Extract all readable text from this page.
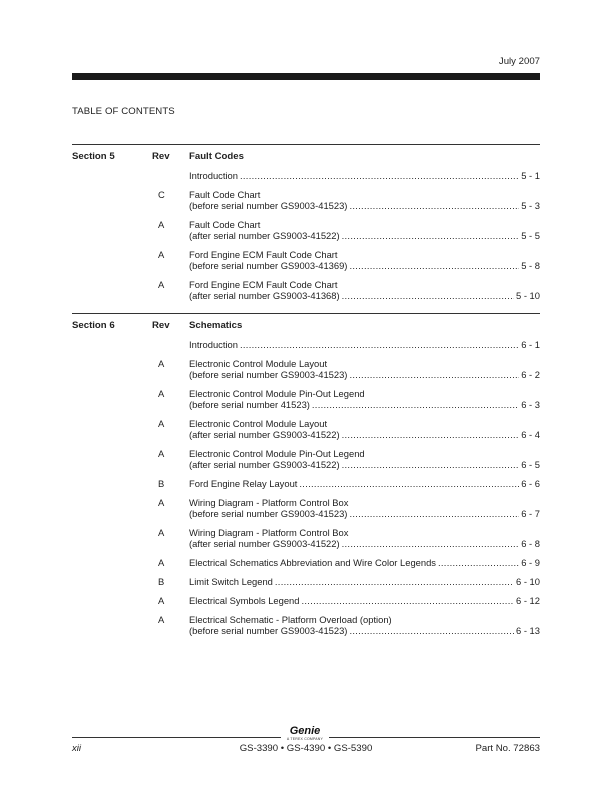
July 2007
TABLE OF CONTENTS
Section 5	Rev Fault Codes
Introduction .....	5 - 1
C	Fault Code Chart
(before serial number GS9003-41523) .....	5 - 3
A	Fault Code Chart
(after serial number GS9003-41522) .....	5 - 5
A	Ford Engine ECM Fault Code Chart
(before serial number GS9003-41369) .....	5 - 8
A	Ford Engine ECM Fault Code Chart
(after serial number GS9003-41368) .....	5 - 10
Section 6	Rev Schematics
Introduction .....	6 - 1
A	Electronic Control Module Layout
(before serial number GS9003-41523) .....	6 - 2
A	Electronic Control Module Pin-Out Legend
(before serial number 41523) .....	6 - 3
A	Electronic Control Module Layout
(after serial number GS9003-41522) .....	6 - 4
A	Electronic Control Module Pin-Out Legend
(after serial number GS9003-41522) .....	6 - 5
B	Ford Engine Relay Layout .....	6 - 6
A	Wiring Diagram - Platform Control Box
(before serial number GS9003-41523) .....	6 - 7
A	Wiring Diagram - Platform Control Box
(after serial number GS9003-41522) .....	6 - 8
A	Electrical Schematics Abbreviation and Wire Color Legends .....	6 - 9
B	Limit Switch Legend .....	6 - 10
A	Electrical Symbols Legend .....	6 - 12
A	Electrical Schematic - Platform Overload (option)
(before serial number GS9003-41523) .....	6 - 13
Genie
A TEREX COMPANY
xii	GS-3390 • GS-4390 • GS-5390	Part No. 72863
